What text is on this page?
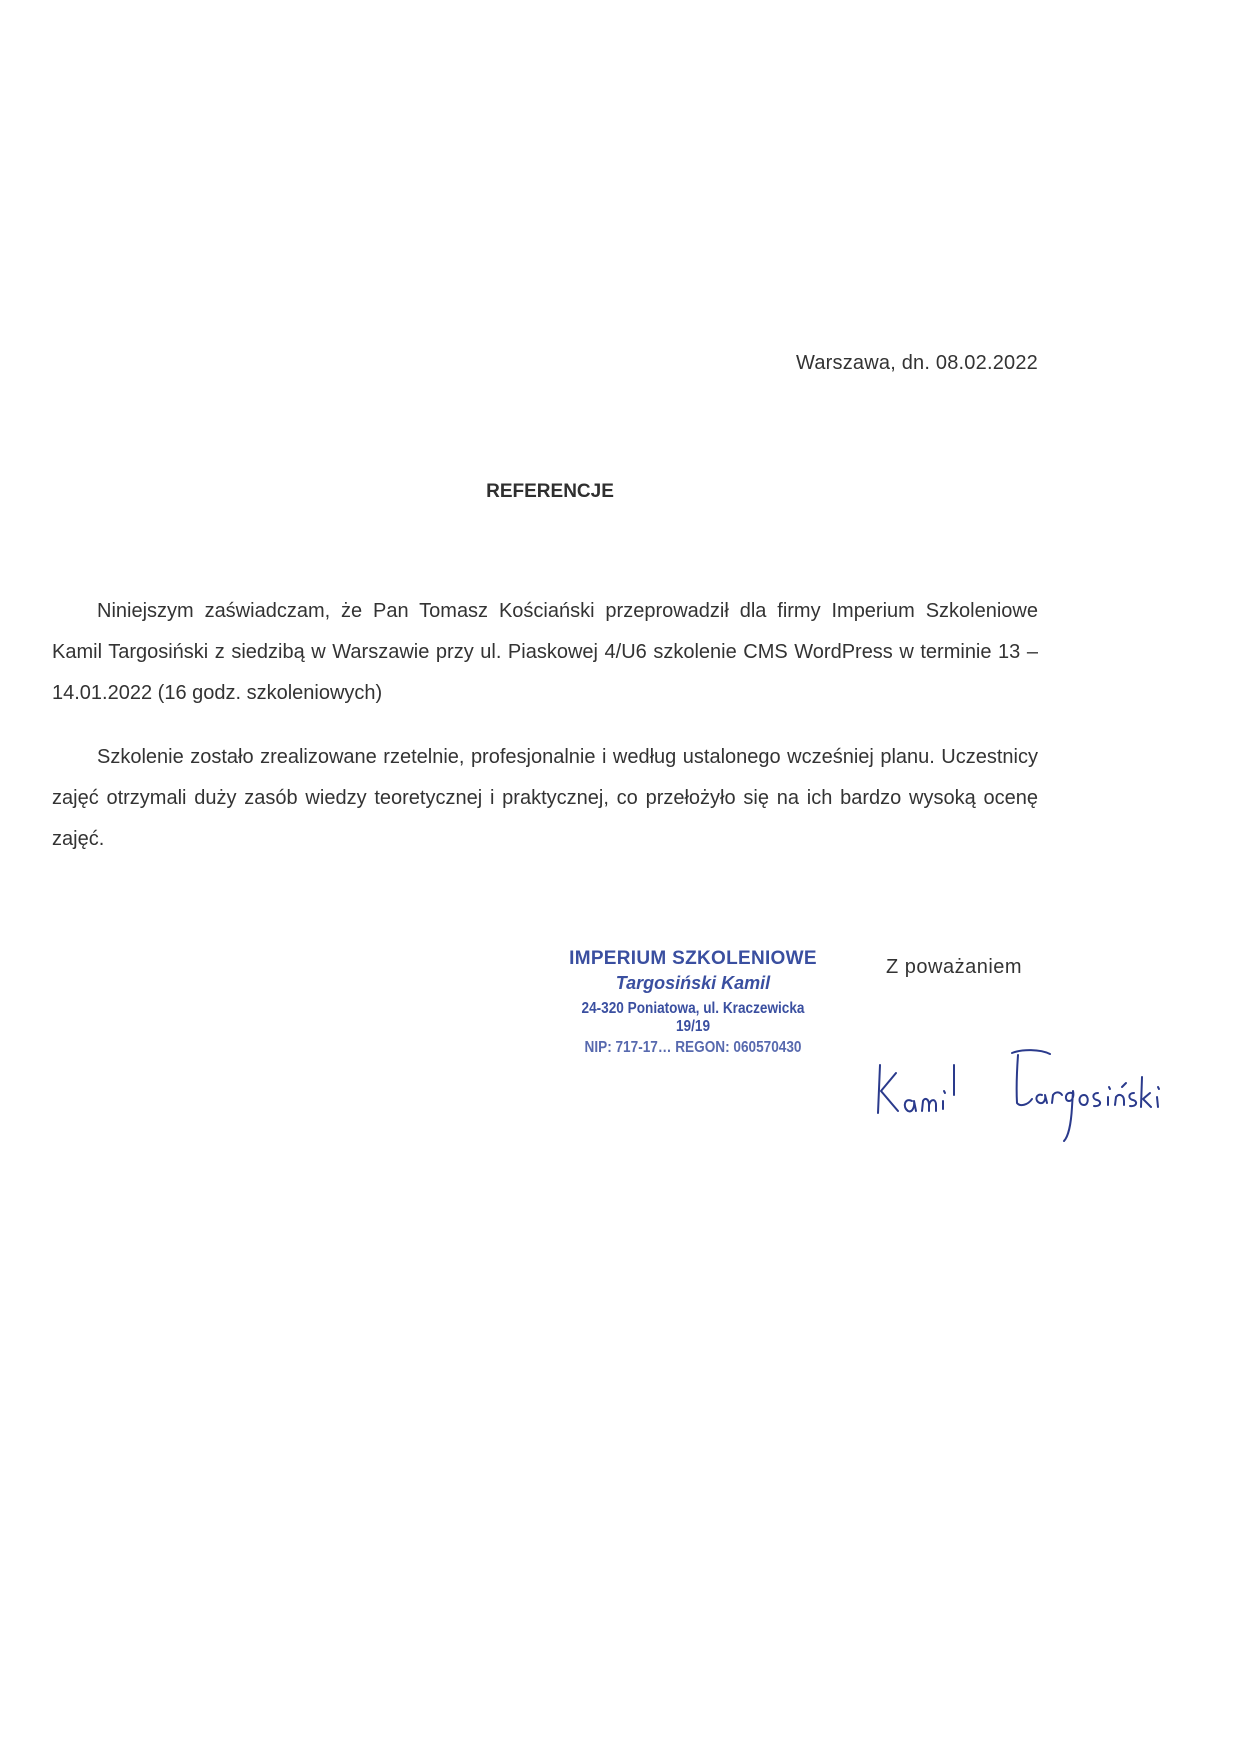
Warszawa, dn. 08.02.2022
REFERENCJE

Niniejszym zaświadczam, że Pan Tomasz Kościański przeprowadził dla firmy Imperium Szkoleniowe Kamil Targosiński z siedzibą w Warszawie przy ul. Piaskowej 4/U6 szkolenie CMS WordPress w terminie 13 – 14.01.2022 (16 godz. szkoleniowych)

Szkolenie zostało zrealizowane rzetelnie, profesjonalnie i według ustalonego wcześniej planu. Uczestnicy zajęć otrzymali duży zasób wiedzy teoretycznej i praktycznej, co przełożyło się na ich bardzo wysoką ocenę zajęć.

IMPERIUM SZKOLENIOWE
Targosiński Kamil
24-320 Poniatowa, ul. Kraczewicka 19/19
NIP: 717-17… REGON: 060570430
Z poważaniem
